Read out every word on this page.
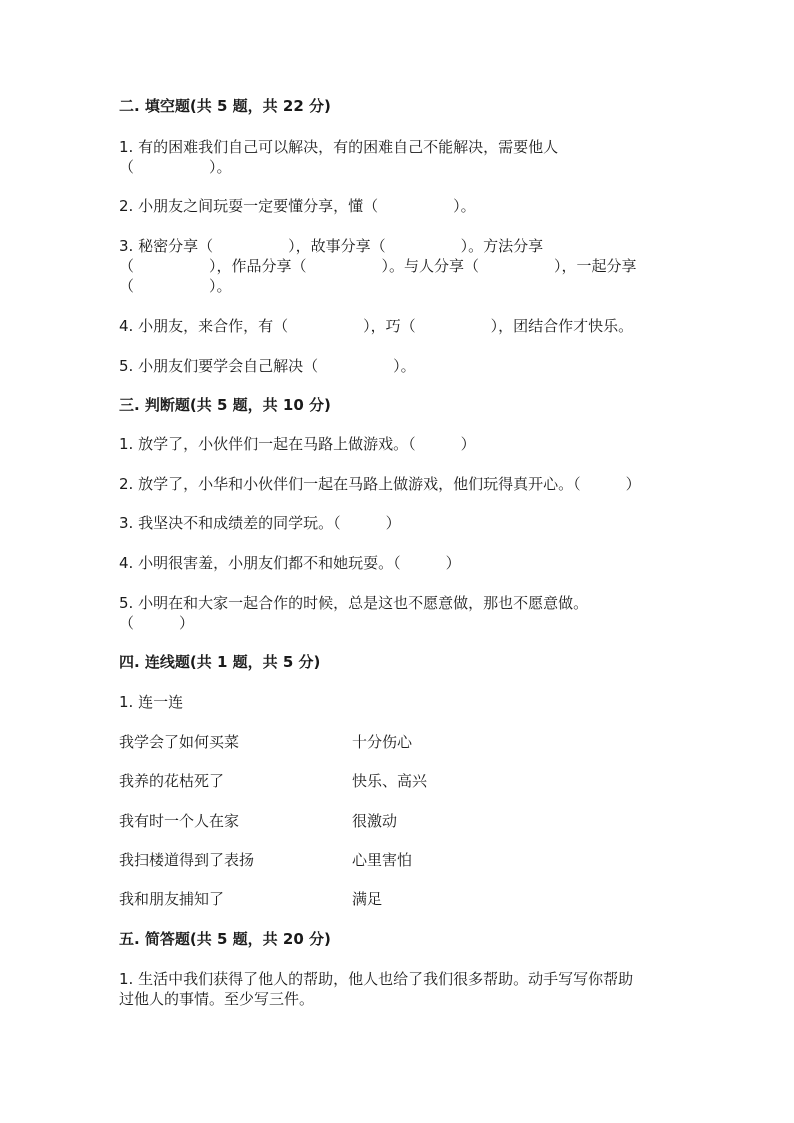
二. 填空题(共 5 题，共 22 分)
1. 有的困难我们自己可以解决，有的困难自己不能解决，需要他人
（　　　　　）。
2. 小朋友之间玩耍一定要懂分享，懂（　　　　　）。
3. 秘密分享（　　　　　），故事分享（　　　　　）。方法分享
（　　　　　），作品分享（　　　　　）。与人分享（　　　　　），一起分享
（　　　　　）。
4. 小朋友，来合作，有（　　　　　），巧（　　　　　），团结合作才快乐。
5. 小朋友们要学会自己解决（　　　　　）。
三. 判断题(共 5 题，共 10 分)
1. 放学了，小伙伴们一起在马路上做游戏。（　　　）
2. 放学了，小华和小伙伴们一起在马路上做游戏，他们玩得真开心。（　　　）
3. 我坚决不和成绩差的同学玩。（　　　）
4. 小明很害羞，小朋友们都不和她玩耍。（　　　）
5. 小明在和大家一起合作的时候，总是这也不愿意做，那也不愿意做。
（　　　）
四. 连线题(共 1 题，共 5 分)
1. 连一连
我学会了如何买菜	十分伤心
我养的花枯死了	快乐、高兴
我有时一个人在家	很激动
我扫楼道得到了表扬	心里害怕
我和朋友捕知了	满足
五. 简答题(共 5 题，共 20 分)
1. 生活中我们获得了他人的帮助，他人也给了我们很多帮助。动手写写你帮助
过他人的事情。至少写三件。
